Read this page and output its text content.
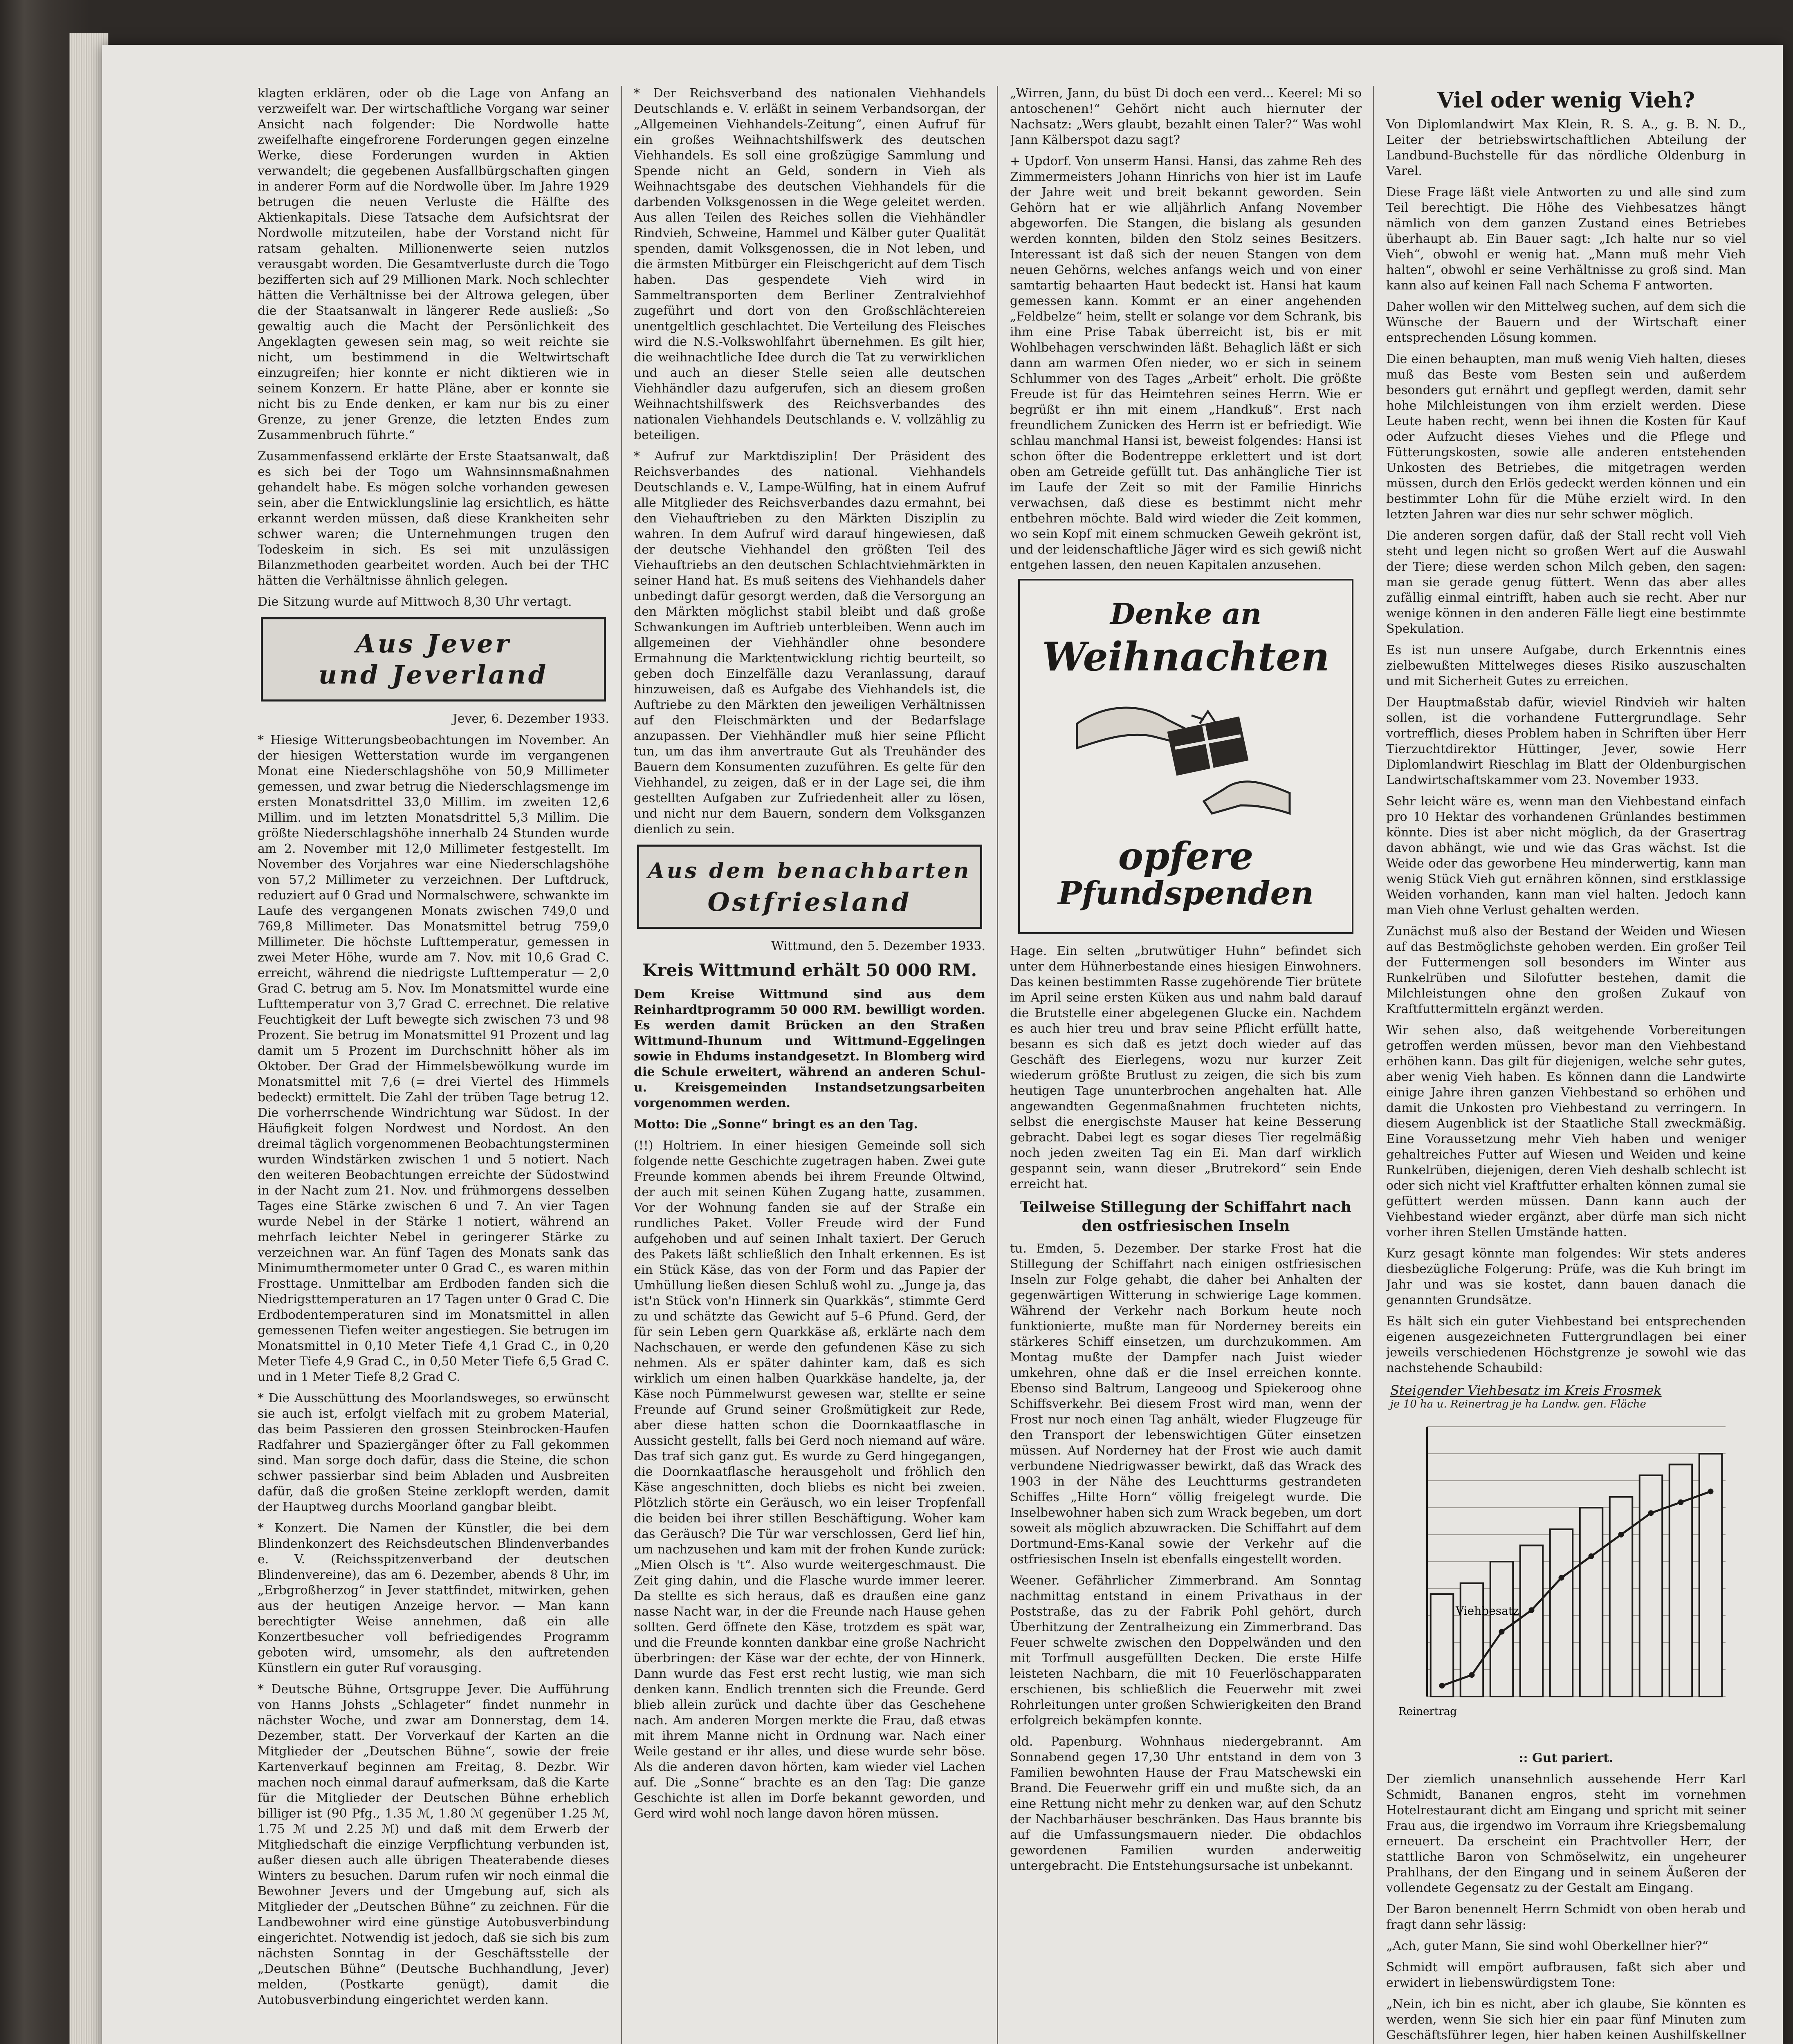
klagten erklären, oder ob die Lage von Anfang an verzweifelt war. Der wirtschaftliche Vorgang war seiner Ansicht nach folgender: Die Nordwolle hatte zweifelhafte eingefrorene Forderungen gegen einzelne Werke, diese Forderungen wurden in Aktien verwandelt; die gegebenen Ausfallbürgschaften gingen in anderer Form auf die Nordwolle über. Im Jahre 1929 betrugen die neuen Verluste die Hälfte des Aktienkapitals. Diese Tatsache dem Aufsichtsrat der Nordwolle mitzuteilen, habe der Vorstand nicht für ratsam gehalten. Millionenwerte seien nutzlos verausgabt worden. Die Gesamtverluste durch die Togo bezifferten sich auf 29 Millionen Mark. Noch schlechter hätten die Verhältnisse bei der Altrowa gelegen, über die der Staatsanwalt in längerer Rede ausließ: „So gewaltig auch die Macht der Persönlichkeit des Angeklagten gewesen sein mag, so weit reichte sie nicht, um bestimmend in die Weltwirtschaft einzugreifen; hier konnte er nicht diktieren wie in seinem Konzern. Er hatte Pläne, aber er konnte sie nicht bis zu Ende denken, er kam nur bis zu einer Grenze, zu jener Grenze, die letzten Endes zum Zusammenbruch führte.“

Zusammenfassend erklärte der Erste Staatsanwalt, daß es sich bei der Togo um Wahnsinnsmaßnahmen gehandelt habe. Es mögen solche vorhanden gewesen sein, aber die Entwicklungslinie lag ersichtlich, es hätte erkannt werden müssen, daß diese Krankheiten sehr schwer waren; die Unternehmungen trugen den Todeskeim in sich. Es sei mit unzulässigen Bilanzmethoden gearbeitet worden. Auch bei der THC hätten die Verhältnisse ähnlich gelegen.

Die Sitzung wurde auf Mittwoch 8,30 Uhr vertagt.

Aus Jever
und Jeverland
Jever, 6. Dezember 1933.

* Hiesige Witterungsbeobachtungen im November. An der hiesigen Wetterstation wurde im vergangenen Monat eine Niederschlagshöhe von 50,9 Millimeter gemessen, und zwar betrug die Niederschlagsmenge im ersten Monatsdrittel 33,0 Millim. im zweiten 12,6 Millim. und im letzten Monatsdrittel 5,3 Millim. Die größte Niederschlagshöhe innerhalb 24 Stunden wurde am 2. November mit 12,0 Millimeter festgestellt. Im November des Vorjahres war eine Niederschlagshöhe von 57,2 Millimeter zu verzeichnen. Der Luftdruck, reduziert auf 0 Grad und Normalschwere, schwankte im Laufe des vergangenen Monats zwischen 749,0 und 769,8 Millimeter. Das Monatsmittel betrug 759,0 Millimeter. Die höchste Lufttemperatur, gemessen in zwei Meter Höhe, wurde am 7. Nov. mit 10,6 Grad C. erreicht, während die niedrigste Lufttemperatur — 2,0 Grad C. betrug am 5. Nov. Im Monatsmittel wurde eine Lufttemperatur von 3,7 Grad C. errechnet. Die relative Feuchtigkeit der Luft bewegte sich zwischen 73 und 98 Prozent. Sie betrug im Monatsmittel 91 Prozent und lag damit um 5 Prozent im Durchschnitt höher als im Oktober. Der Grad der Himmelsbewölkung wurde im Monatsmittel mit 7,6 (= drei Viertel des Himmels bedeckt) ermittelt. Die Zahl der trüben Tage betrug 12. Die vorherrschende Windrichtung war Südost. In der Häufigkeit folgen Nordwest und Nordost. An den dreimal täglich vorgenommenen Beobachtungsterminen wurden Windstärken zwischen 1 und 5 notiert. Nach den weiteren Beobachtungen erreichte der Südostwind in der Nacht zum 21. Nov. und frühmorgens desselben Tages eine Stärke zwischen 6 und 7. An vier Tagen wurde Nebel in der Stärke 1 notiert, während an mehrfach leichter Nebel in geringerer Stärke zu verzeichnen war. An fünf Tagen des Monats sank das Minimumthermometer unter 0 Grad C., es waren mithin Frosttage. Unmittelbar am Erdboden fanden sich die Niedrigsttemperaturen an 17 Tagen unter 0 Grad C. Die Erdbodentemperaturen sind im Monatsmittel in allen gemessenen Tiefen weiter angestiegen. Sie betrugen im Monatsmittel in 0,10 Meter Tiefe 4,1 Grad C., in 0,20 Meter Tiefe 4,9 Grad C., in 0,50 Meter Tiefe 6,5 Grad C. und in 1 Meter Tiefe 8,2 Grad C.

* Die Ausschüttung des Moorlandsweges, so erwünscht sie auch ist, erfolgt vielfach mit zu grobem Material, das beim Passieren den grossen Steinbrocken-Haufen Radfahrer und Spaziergänger öfter zu Fall gekommen sind. Man sorge doch dafür, dass die Steine, die schon schwer passierbar sind beim Abladen und Ausbreiten dafür, daß die großen Steine zerklopft werden, damit der Hauptweg durchs Moorland gangbar bleibt.

* Konzert. Die Namen der Künstler, die bei dem Blindenkonzert des Reichsdeutschen Blindenverbandes e. V. (Reichsspitzenverband der deutschen Blindenvereine), das am 6. Dezember, abends 8 Uhr, im „Erbgroßherzog“ in Jever stattfindet, mitwirken, gehen aus der heutigen Anzeige hervor. — Man kann berechtigter Weise annehmen, daß ein alle Konzertbesucher voll befriedigendes Programm geboten wird, umsomehr, als den auftretenden Künstlern ein guter Ruf vorausging.

* Deutsche Bühne, Ortsgruppe Jever. Die Aufführung von Hanns Johsts „Schlageter“ findet nunmehr in nächster Woche, und zwar am Donnerstag, dem 14. Dezember, statt. Der Vorverkauf der Karten an die Mitglieder der „Deutschen Bühne“, sowie der freie Kartenverkauf beginnen am Freitag, 8. Dezbr. Wir machen noch einmal darauf aufmerksam, daß die Karte für die Mitglieder der Deutschen Bühne erheblich billiger ist (90 Pfg., 1.35 ℳ, 1.80 ℳ gegenüber 1.25 ℳ, 1.75 ℳ und 2.25 ℳ) und daß mit dem Erwerb der Mitgliedschaft die einzige Verpflichtung verbunden ist, außer diesen auch alle übrigen Theaterabende dieses Winters zu besuchen. Darum rufen wir noch einmal die Bewohner Jevers und der Umgebung auf, sich als Mitglieder der „Deutschen Bühne“ zu zeichnen. Für die Landbewohner wird eine günstige Autobusverbindung eingerichtet. Notwendig ist jedoch, daß sie sich bis zum nächsten Sonntag in der Geschäftsstelle der „Deutschen Bühne“ (Deutsche Buchhandlung, Jever) melden, (Postkarte genügt), damit die Autobusverbindung eingerichtet werden kann.

* Der Reichsverband des nationalen Viehhandels Deutschlands e. V. erläßt in seinem Verbandsorgan, der „Allgemeinen Viehhandels-Zeitung“, einen Aufruf für ein großes Weihnachtshilfswerk des deutschen Viehhandels. Es soll eine großzügige Sammlung und Spende nicht an Geld, sondern in Vieh als Weihnachtsgabe des deutschen Viehhandels für die darbenden Volksgenossen in die Wege geleitet werden. Aus allen Teilen des Reiches sollen die Viehhändler Rindvieh, Schweine, Hammel und Kälber guter Qualität spenden, damit Volksgenossen, die in Not leben, und die ärmsten Mitbürger ein Fleischgericht auf dem Tisch haben. Das gespendete Vieh wird in Sammeltransporten dem Berliner Zentralviehhof zugeführt und dort von den Großschlächtereien unentgeltlich geschlachtet. Die Verteilung des Fleisches wird die N.S.-Volkswohlfahrt übernehmen. Es gilt hier, die weihnachtliche Idee durch die Tat zu verwirklichen und auch an dieser Stelle seien alle deutschen Viehhändler dazu aufgerufen, sich an diesem großen Weihnachtshilfswerk des Reichsverbandes des nationalen Viehhandels Deutschlands e. V. vollzählig zu beteiligen.

* Aufruf zur Marktdisziplin! Der Präsident des Reichsverbandes des national. Viehhandels Deutschlands e. V., Lampe-Wülfing, hat in einem Aufruf alle Mitglieder des Reichsverbandes dazu ermahnt, bei den Viehauftrieben zu den Märkten Disziplin zu wahren. In dem Aufruf wird darauf hingewiesen, daß der deutsche Viehhandel den größten Teil des Viehauftriebs an den deutschen Schlachtviehmärkten in seiner Hand hat. Es muß seitens des Viehhandels daher unbedingt dafür gesorgt werden, daß die Versorgung an den Märkten möglichst stabil bleibt und daß große Schwankungen im Auftrieb unterbleiben. Wenn auch im allgemeinen der Viehhändler ohne besondere Ermahnung die Marktentwicklung richtig beurteilt, so geben doch Einzelfälle dazu Veranlassung, darauf hinzuweisen, daß es Aufgabe des Viehhandels ist, die Auftriebe zu den Märkten den jeweiligen Verhältnissen auf den Fleischmärkten und der Bedarfslage anzupassen. Der Viehhändler muß hier seine Pflicht tun, um das ihm anvertraute Gut als Treuhänder des Bauern dem Konsumenten zuzuführen. Es gelte für den Viehhandel, zu zeigen, daß er in der Lage sei, die ihm gestellten Aufgaben zur Zufriedenheit aller zu lösen, und nicht nur dem Bauern, sondern dem Volksganzen dienlich zu sein.

Aus dem benachbarten
Ostfriesland
Wittmund, den 5. Dezember 1933.
Kreis Wittmund erhält 50 000 RM.

Dem Kreise Wittmund sind aus dem Reinhardtprogramm 50 000 RM. bewilligt worden. Es werden damit Brücken an den Straßen Wittmund-Ihunum und Wittmund-Eggelingen sowie in Ehdums instandgesetzt. In Blomberg wird die Schule erweitert, während an anderen Schul- u. Kreisgemeinden Instandsetzungsarbeiten vorgenommen werden.

Motto: Die „Sonne“ bringt es an den Tag.

(!!) Holtriem. In einer hiesigen Gemeinde soll sich folgende nette Geschichte zugetragen haben. Zwei gute Freunde kommen abends bei ihrem Freunde Oltwind, der auch mit seinen Kühen Zugang hatte, zusammen. Vor der Wohnung fanden sie auf der Straße ein rundliches Paket. Voller Freude wird der Fund aufgehoben und auf seinen Inhalt taxiert. Der Geruch des Pakets läßt schließlich den Inhalt erkennen. Es ist ein Stück Käse, das von der Form und das Papier der Umhüllung ließen diesen Schluß wohl zu. „Junge ja, das ist'n Stück von'n Hinnerk sin Quarkkäs“, stimmte Gerd zu und schätzte das Gewicht auf 5–6 Pfund. Gerd, der für sein Leben gern Quarkkäse aß, erklärte nach dem Nachschauen, er werde den gefundenen Käse zu sich nehmen. Als er später dahinter kam, daß es sich wirklich um einen halben Quarkkäse handelte, ja, der Käse noch Pümmelwurst gewesen war, stellte er seine Freunde auf Grund seiner Großmütigkeit zur Rede, aber diese hatten schon die Doornkaatflasche in Aussicht gestellt, falls bei Gerd noch niemand auf wäre. Das traf sich ganz gut. Es wurde zu Gerd hingegangen, die Doornkaatflasche herausgeholt und fröhlich den Käse angeschnitten, doch bliebs es nicht bei zweien. Plötzlich störte ein Geräusch, wo ein leiser Tropfenfall die beiden bei ihrer stillen Beschäftigung. Woher kam das Geräusch? Die Tür war verschlossen, Gerd lief hin, um nachzusehen und kam mit der frohen Kunde zurück: „Mien Olsch is 't“. Also wurde weitergeschmaust. Die Zeit ging dahin, und die Flasche wurde immer leerer. Da stellte es sich heraus, daß es draußen eine ganz nasse Nacht war, in der die Freunde nach Hause gehen sollten. Gerd öffnete den Käse, trotzdem es spät war, und die Freunde konnten dankbar eine große Nachricht überbringen: der Käse war der echte, der von Hinnerk. Dann wurde das Fest erst recht lustig, wie man sich denken kann. Endlich trennten sich die Freunde. Gerd blieb allein zurück und dachte über das Geschehene nach. Am anderen Morgen merkte die Frau, daß etwas mit ihrem Manne nicht in Ordnung war. Nach einer Weile gestand er ihr alles, und diese wurde sehr böse. Als die anderen davon hörten, kam wieder viel Lachen auf. Die „Sonne“ brachte es an den Tag: Die ganze Geschichte ist allen im Dorfe bekannt geworden, und Gerd wird wohl noch lange davon hören müssen.

„Wirren, Jann, du büst Di doch een verd... Keerel: Mi so antoschenen!“ Gehört nicht auch hiernuter der Nachsatz: „Wers glaubt, bezahlt einen Taler?“ Was wohl Jann Kälberspot dazu sagt?

+ Updorf. Von unserm Hansi. Hansi, das zahme Reh des Zimmermeisters Johann Hinrichs von hier ist im Laufe der Jahre weit und breit bekannt geworden. Sein Gehörn hat er wie alljährlich Anfang November abgeworfen. Die Stangen, die bislang als gesunden werden konnten, bilden den Stolz seines Besitzers. Interessant ist daß sich der neuen Stangen von dem neuen Gehörns, welches anfangs weich und von einer samtartig behaarten Haut bedeckt ist. Hansi hat kaum gemessen kann. Kommt er an einer angehenden „Feldbelze“ heim, stellt er solange vor dem Schrank, bis ihm eine Prise Tabak überreicht ist, bis er mit Wohlbehagen verschwinden läßt. Behaglich läßt er sich dann am warmen Ofen nieder, wo er sich in seinem Schlummer von des Tages „Arbeit“ erholt. Die größte Freude ist für das Heimtehren seines Herrn. Wie er begrüßt er ihn mit einem „Handkuß“. Erst nach freundlichem Zunicken des Herrn ist er befriedigt. Wie schlau manchmal Hansi ist, beweist folgendes: Hansi ist schon öfter die Bodentreppe erklettert und ist dort oben am Getreide gefüllt tut. Das anhängliche Tier ist im Laufe der Zeit so mit der Familie Hinrichs verwachsen, daß diese es bestimmt nicht mehr entbehren möchte. Bald wird wieder die Zeit kommen, wo sein Kopf mit einem schmucken Geweih gekrönt ist, und der leidenschaftliche Jäger wird es sich gewiß nicht entgehen lassen, den neuen Kapitalen anzusehen.

Denke an
Weihnachten
opfere
Pfundspenden

Hage. Ein selten „brutwütiger Huhn“ befindet sich unter dem Hühnerbestande eines hiesigen Einwohners. Das keinen bestimmten Rasse zugehörende Tier brütete im April seine ersten Küken aus und nahm bald darauf die Brutstelle einer abgelegenen Glucke ein. Nachdem es auch hier treu und brav seine Pflicht erfüllt hatte, besann es sich daß es jetzt doch wieder auf das Geschäft des Eierlegens, wozu nur kurzer Zeit wiederum größte Brutlust zu zeigen, die sich bis zum heutigen Tage ununterbrochen angehalten hat. Alle angewandten Gegenmaßnahmen fruchteten nichts, selbst die energischste Mauser hat keine Besserung gebracht. Dabei legt es sogar dieses Tier regelmäßig noch jeden zweiten Tag ein Ei. Man darf wirklich gespannt sein, wann dieser „Brutrekord“ sein Ende erreicht hat.

Teilweise Stillegung der Schiffahrt nach den ostfriesischen Inseln

tu. Emden, 5. Dezember. Der starke Frost hat die Stillegung der Schiffahrt nach einigen ostfriesischen Inseln zur Folge gehabt, die daher bei Anhalten der gegenwärtigen Witterung in schwierige Lage kommen. Während der Verkehr nach Borkum heute noch funktionierte, mußte man für Norderney bereits ein stärkeres Schiff einsetzen, um durchzukommen. Am Montag mußte der Dampfer nach Juist wieder umkehren, ohne daß er die Insel erreichen konnte. Ebenso sind Baltrum, Langeoog und Spiekeroog ohne Schiffsverkehr. Bei diesem Frost wird man, wenn der Frost nur noch einen Tag anhält, wieder Flugzeuge für den Transport der lebenswichtigen Güter einsetzen müssen. Auf Norderney hat der Frost wie auch damit verbundene Niedrigwasser bewirkt, daß das Wrack des 1903 in der Nähe des Leuchtturms gestrandeten Schiffes „Hilte Horn“ völlig freigelegt wurde. Die Inselbewohner haben sich zum Wrack begeben, um dort soweit als möglich abzuwracken. Die Schiffahrt auf dem Dortmund-Ems-Kanal sowie der Verkehr auf die ostfriesischen Inseln ist ebenfalls eingestellt worden.

Weener. Gefährlicher Zimmerbrand. Am Sonntag nachmittag entstand in einem Privathaus in der Poststraße, das zu der Fabrik Pohl gehört, durch Überhitzung der Zentralheizung ein Zimmerbrand. Das Feuer schwelte zwischen den Doppelwänden und den mit Torfmull ausgefüllten Decken. Die erste Hilfe leisteten Nachbarn, die mit 10 Feuerlöschapparaten erschienen, bis schließlich die Feuerwehr mit zwei Rohrleitungen unter großen Schwierigkeiten den Brand erfolgreich bekämpfen konnte.

old. Papenburg. Wohnhaus niedergebrannt. Am Sonnabend gegen 17,30 Uhr entstand in dem von 3 Familien bewohnten Hause der Frau Matschewski ein Brand. Die Feuerwehr griff ein und mußte sich, da an eine Rettung nicht mehr zu denken war, auf den Schutz der Nachbarhäuser beschränken. Das Haus brannte bis auf die Umfassungsmauern nieder. Die obdachlos gewordenen Familien wurden anderweitig untergebracht. Die Entstehungsursache ist unbekannt.

Viel oder wenig Vieh?

Von Diplomlandwirt Max Klein, R. S. A., g. B. N. D., Leiter der betriebswirtschaftlichen Abteilung der Landbund-Buchstelle für das nördliche Oldenburg in Varel.

Diese Frage läßt viele Antworten zu und alle sind zum Teil berechtigt. Die Höhe des Viehbesatzes hängt nämlich von dem ganzen Zustand eines Betriebes überhaupt ab. Ein Bauer sagt: „Ich halte nur so viel Vieh“, obwohl er wenig hat. „Mann muß mehr Vieh halten“, obwohl er seine Verhältnisse zu groß sind. Man kann also auf keinen Fall nach Schema F antworten.

Daher wollen wir den Mittelweg suchen, auf dem sich die Wünsche der Bauern und der Wirtschaft einer entsprechenden Lösung kommen.

Die einen behaupten, man muß wenig Vieh halten, dieses muß das Beste vom Besten sein und außerdem besonders gut ernährt und gepflegt werden, damit sehr hohe Milchleistungen von ihm erzielt werden. Diese Leute haben recht, wenn bei ihnen die Kosten für Kauf oder Aufzucht dieses Viehes und die Pflege und Fütterungskosten, sowie alle anderen entstehenden Unkosten des Betriebes, die mitgetragen werden müssen, durch den Erlös gedeckt werden können und ein bestimmter Lohn für die Mühe erzielt wird. In den letzten Jahren war dies nur sehr schwer möglich.

Die anderen sorgen dafür, daß der Stall recht voll Vieh steht und legen nicht so großen Wert auf die Auswahl der Tiere; diese werden schon Milch geben, den sagen: man sie gerade genug füttert. Wenn das aber alles zufällig einmal eintrifft, haben auch sie recht. Aber nur wenige können in den anderen Fälle liegt eine bestimmte Spekulation.

Es ist nun unsere Aufgabe, durch Erkenntnis eines zielbewußten Mittelweges dieses Risiko auszuschalten und mit Sicherheit Gutes zu erreichen.

Der Hauptmaßstab dafür, wieviel Rindvieh wir halten sollen, ist die vorhandene Futtergrundlage. Sehr vortrefflich, dieses Problem haben in Schriften über Herr Tierzuchtdirektor Hüttinger, Jever, sowie Herr Diplomlandwirt Rieschlag im Blatt der Oldenburgischen Landwirtschaftskammer vom 23. November 1933.

Sehr leicht wäre es, wenn man den Viehbestand einfach pro 10 Hektar des vorhandenen Grünlandes bestimmen könnte. Dies ist aber nicht möglich, da der Grasertrag davon abhängt, wie und wie das Gras wächst. Ist die Weide oder das geworbene Heu minderwertig, kann man wenig Stück Vieh gut ernähren können, sind erstklassige Weiden vorhanden, kann man viel halten. Jedoch kann man Vieh ohne Verlust gehalten werden.

Zunächst muß also der Bestand der Weiden und Wiesen auf das Bestmöglichste gehoben werden. Ein großer Teil der Futtermengen soll besonders im Winter aus Runkelrüben und Silofutter bestehen, damit die Milchleistungen ohne den großen Zukauf von Kraftfuttermitteln ergänzt werden.

Wir sehen also, daß weitgehende Vorbereitungen getroffen werden müssen, bevor man den Viehbestand erhöhen kann. Das gilt für diejenigen, welche sehr gutes, aber wenig Vieh haben. Es können dann die Landwirte einige Jahre ihren ganzen Viehbestand so erhöhen und damit die Unkosten pro Viehbestand zu verringern. In diesem Augenblick ist der Staatliche Stall zweckmäßig. Eine Voraussetzung mehr Vieh haben und weniger gehaltreiches Futter auf Wiesen und Weiden und keine Runkelrüben, diejenigen, deren Vieh deshalb schlecht ist oder sich nicht viel Kraftfutter erhalten können zumal sie gefüttert werden müssen. Dann kann auch der Viehbestand wieder ergänzt, aber dürfe man sich nicht vorher ihren Stellen Umstände hatten.

Kurz gesagt könnte man folgendes: Wir stets anderes diesbezügliche Folgerung: Prüfe, was die Kuh bringt im Jahr und was sie kostet, dann bauen danach die genannten Grundsätze.

Es hält sich ein guter Viehbestand bei entsprechenden eigenen ausgezeichneten Futtergrundlagen bei einer jeweils verschiedenen Höchstgrenze je sowohl wie das nachstehende Schaubild:

Steigender Viehbesatz im Kreis Frosmek
je 10 ha u. Reinertrag je ha Landw. gen. Fläche
Viehbesatz
Reinertrag
:: Gut pariert.

Der ziemlich unansehnlich aussehende Herr Karl Schmidt, Bananen engros, steht im vornehmen Hotelrestaurant dicht am Eingang und spricht mit seiner Frau aus, die irgendwo im Vorraum ihre Kriegsbemalung erneuert. Da erscheint ein Prachtvoller Herr, der stattliche Baron von Schmöselwitz, ein ungeheurer Prahlhans, der den Eingang und in seinem Äußeren der vollendete Gegensatz zu der Gestalt am Eingang.

Der Baron benennelt Herrn Schmidt von oben herab und fragt dann sehr lässig:

„Ach, guter Mann, Sie sind wohl Oberkellner hier?“

Schmidt will empört aufbrausen, faßt sich aber und erwidert in liebenswürdigstem Tone:

„Nein, ich bin es nicht, aber ich glaube, Sie könnten es werden, wenn Sie sich hier ein paar fünf Minuten zum Geschäftsführer legen, hier haben keinen Aushilfskellner
